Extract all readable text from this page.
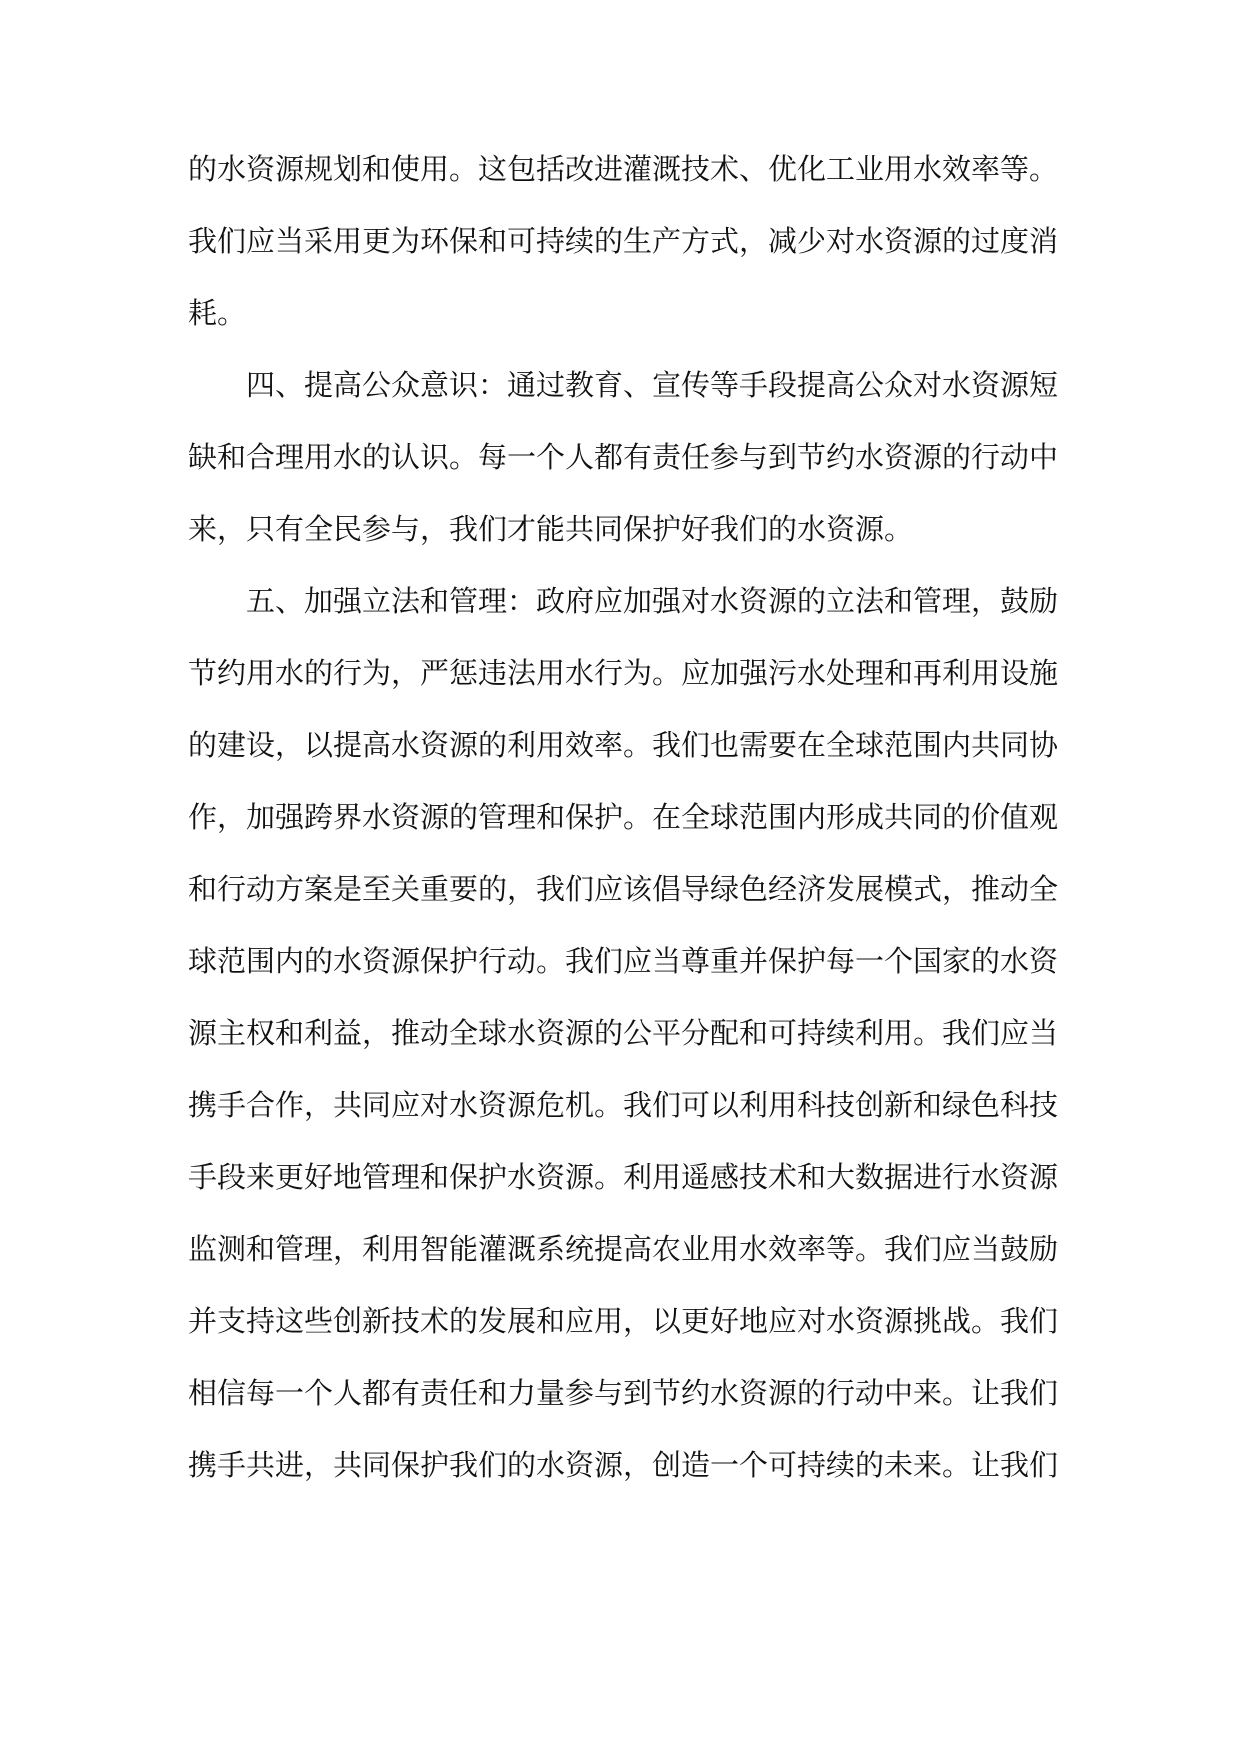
的水资源规划和使用。这包括改进灌溉技术、优化工业用水效率等。
我们应当采用更为环保和可持续的生产方式，减少对水资源的过度消
耗。
四、提高公众意识：通过教育、宣传等手段提高公众对水资源短
缺和合理用水的认识。每一个人都有责任参与到节约水资源的行动中
来，只有全民参与，我们才能共同保护好我们的水资源。
五、加强立法和管理：政府应加强对水资源的立法和管理，鼓励
节约用水的行为，严惩违法用水行为。应加强污水处理和再利用设施
的建设，以提高水资源的利用效率。我们也需要在全球范围内共同协
作，加强跨界水资源的管理和保护。在全球范围内形成共同的价值观
和行动方案是至关重要的，我们应该倡导绿色经济发展模式，推动全
球范围内的水资源保护行动。我们应当尊重并保护每一个国家的水资
源主权和利益，推动全球水资源的公平分配和可持续利用。我们应当
携手合作，共同应对水资源危机。我们可以利用科技创新和绿色科技
手段来更好地管理和保护水资源。利用遥感技术和大数据进行水资源
监测和管理，利用智能灌溉系统提高农业用水效率等。我们应当鼓励
并支持这些创新技术的发展和应用，以更好地应对水资源挑战。我们
相信每一个人都有责任和力量参与到节约水资源的行动中来。让我们
携手共进，共同保护我们的水资源，创造一个可持续的未来。让我们
